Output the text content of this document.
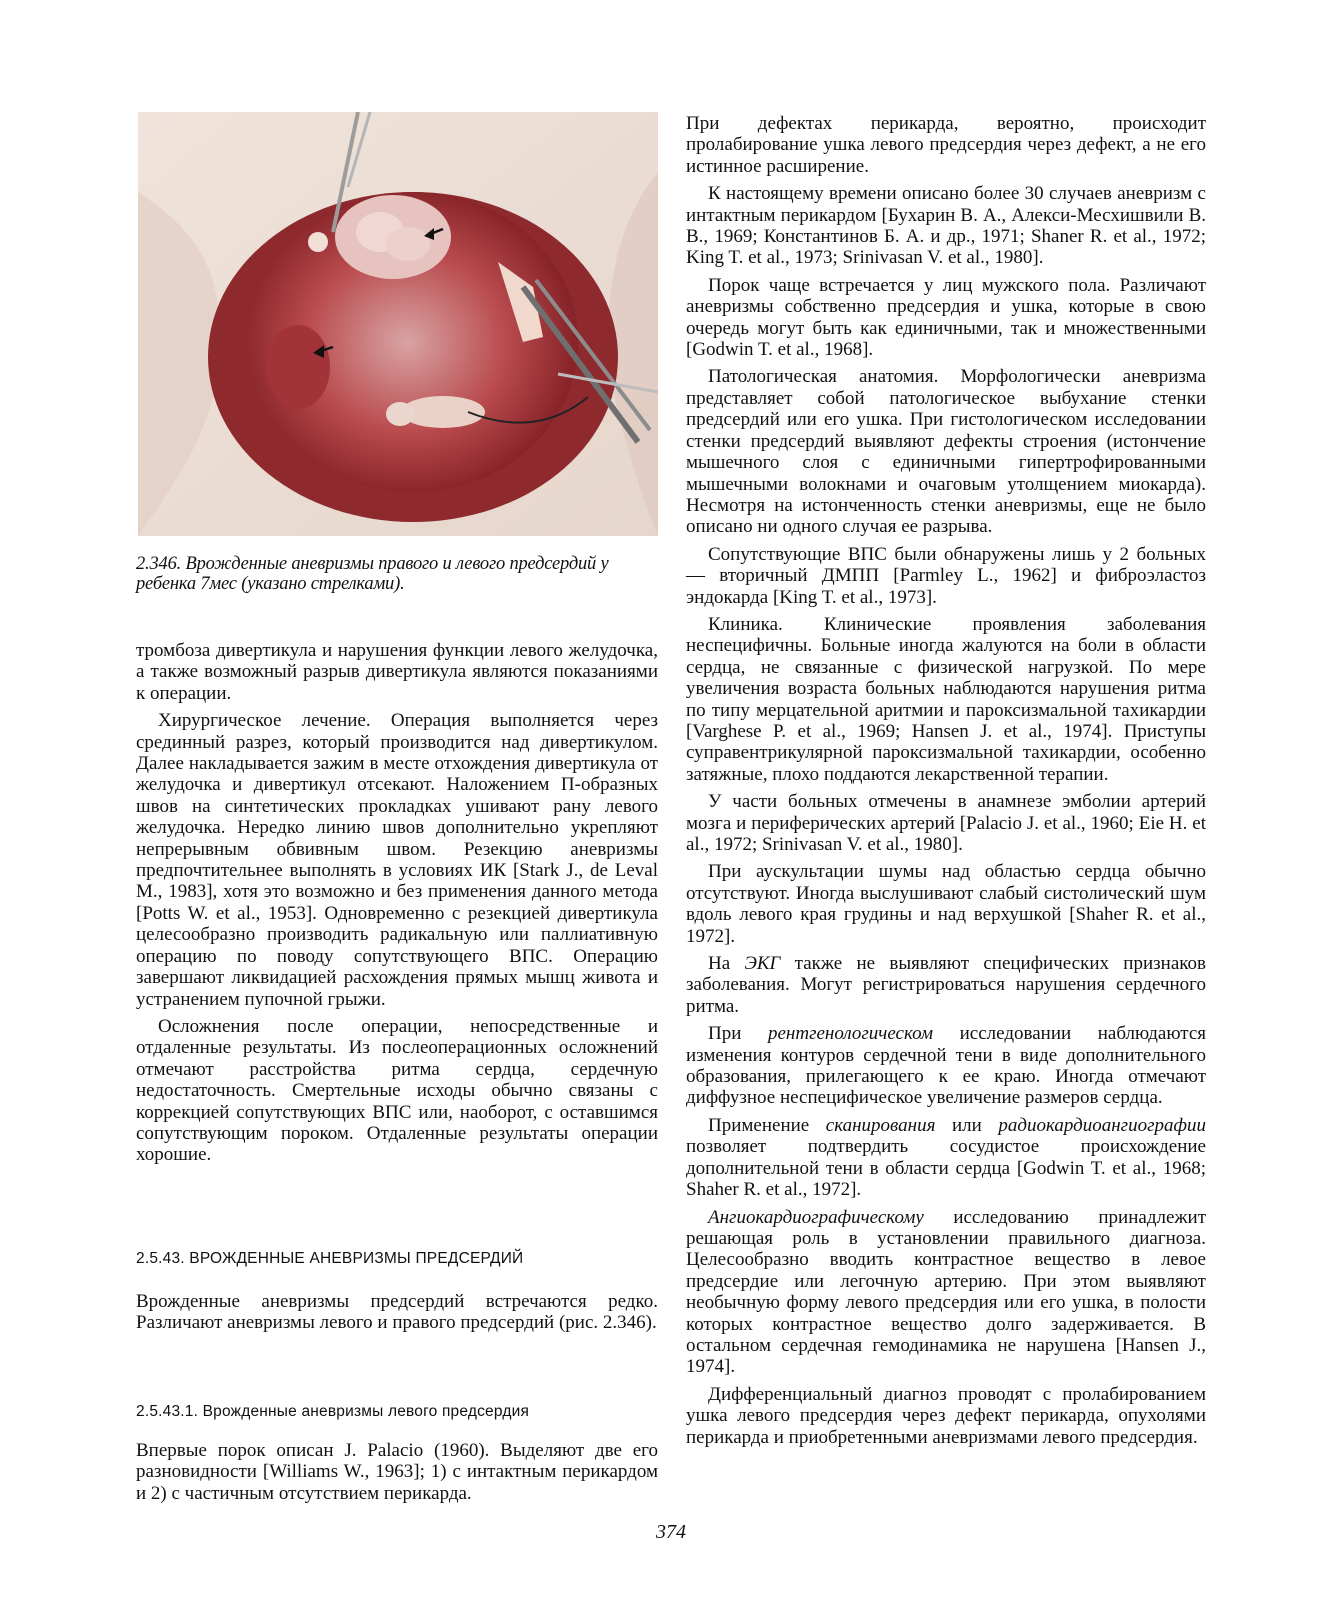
2.346. Врожденные аневризмы правого и левого предсердий у
ребенка 7мес (указано стрелками).

тромбоза дивертикула и нарушения функции левого желудочка, а также возможный разрыв дивертикула являются показаниями к операции.

Хирургическое лечение. Операция выполняется через срединный разрез, который производится над дивертикулом. Далее накладывается зажим в месте отхождения дивертикула от желудочка и дивертикул отсекают. Наложением П-образных швов на синтетических прокладках ушивают рану левого желудочка. Нередко линию швов дополнительно укрепляют непрерывным обвивным швом. Резекцию аневризмы предпочтительнее выполнять в условиях ИК [Stark J., de Leval M., 1983], хотя это возможно и без применения данного метода [Potts W. et al., 1953]. Одновременно с резекцией дивертикула целесообразно производить радикальную или паллиативную операцию по поводу сопутствующего ВПС. Операцию завершают ликвидацией расхождения прямых мышц живота и устранением пупочной грыжи.

Осложнения после операции, непосредственные и отдаленные результаты. Из послеоперационных осложнений отмечают расстройства ритма сердца, сердечную недостаточность. Смертельные исходы обычно связаны с коррекцией сопутствующих ВПС или, наоборот, с оставшимся сопутствующим пороком. Отдаленные результаты операции хорошие.

2.5.43. ВРОЖДЕННЫЕ АНЕВРИЗМЫ ПРЕДСЕРДИЙ

Врожденные аневризмы предсердий встречаются редко. Различают аневризмы левого и правого предсердий (рис. 2.346).

2.5.43.1. Врожденные аневризмы левого предсердия

Впервые порок описан J. Palacio (1960). Выделяют две его разновидности [Williams W., 1963]; 1) с интактным перикардом и 2) с частичным отсутствием перикарда.

При дефектах перикарда, вероятно, происходит пролабирование ушка левого предсердия через дефект, а не его истинное расширение.

К настоящему времени описано более 30 случаев аневризм с интактным перикардом [Бухарин В. А., Алекси-Месхишвили В. В., 1969; Константинов Б. А. и др., 1971; Shaner R. et al., 1972; King T. et al., 1973; Srinivasan V. et al., 1980].

Порок чаще встречается у лиц мужского пола. Различают аневризмы собственно предсердия и ушка, которые в свою очередь могут быть как единичными, так и множественными [Godwin T. et al., 1968].

Патологическая анатомия. Морфологически аневризма представляет собой патологическое выбухание стенки предсердий или его ушка. При гистологическом исследовании стенки предсердий выявляют дефекты строения (истончение мышечного слоя с единичными гипертрофированными мышечными волокнами и очаговым утолщением миокарда). Несмотря на истонченность стенки аневризмы, еще не было описано ни одного случая ее разрыва.

Сопутствующие ВПС были обнаружены лишь у 2 больных — вторичный ДМПП [Parmley L., 1962] и фиброэластоз эндокарда [King T. et al., 1973].

Клиника. Клинические проявления заболевания неспецифичны. Больные иногда жалуются на боли в области сердца, не связанные с физической нагрузкой. По мере увеличения возраста больных наблюдаются нарушения ритма по типу мерцательной аритмии и пароксизмальной тахикардии [Varghese P. et al., 1969; Hansen J. et al., 1974]. Приступы суправентрикулярной пароксизмальной тахикардии, особенно затяжные, плохо поддаются лекарственной терапии.

У части больных отмечены в анамнезе эмболии артерий мозга и периферических артерий [Palacio J. et al., 1960; Eie H. et al., 1972; Srinivasan V. et al., 1980].

При аускультации шумы над областью сердца обычно отсутствуют. Иногда выслушивают слабый систолический шум вдоль левого края грудины и над верхушкой [Shaher R. et al., 1972].

На ЭКГ также не выявляют специфических признаков заболевания. Могут регистрироваться нарушения сердечного ритма.

При рентгенологическом исследовании наблюдаются изменения контуров сердечной тени в виде дополнительного образования, прилегающего к ее краю. Иногда отмечают диффузное неспецифическое увеличение размеров сердца.

Применение сканирования или радиокардиоангиографии позволяет подтвердить сосудистое происхождение дополнительной тени в области сердца [Godwin T. et al., 1968; Shaher R. et al., 1972].

Ангиокардиографическому исследованию принадлежит решающая роль в установлении правильного диагноза. Целесообразно вводить контрастное вещество в левое предсердие или легочную артерию. При этом выявляют необычную форму левого предсердия или его ушка, в полости которых контрастное вещество долго задерживается. В остальном сердечная гемодинамика не нарушена [Hansen J., 1974].

Дифференциальный диагноз проводят с пролабированием ушка левого предсердия через дефект перикарда, опухолями перикарда и приобретенными аневризмами левого предсердия.

374
